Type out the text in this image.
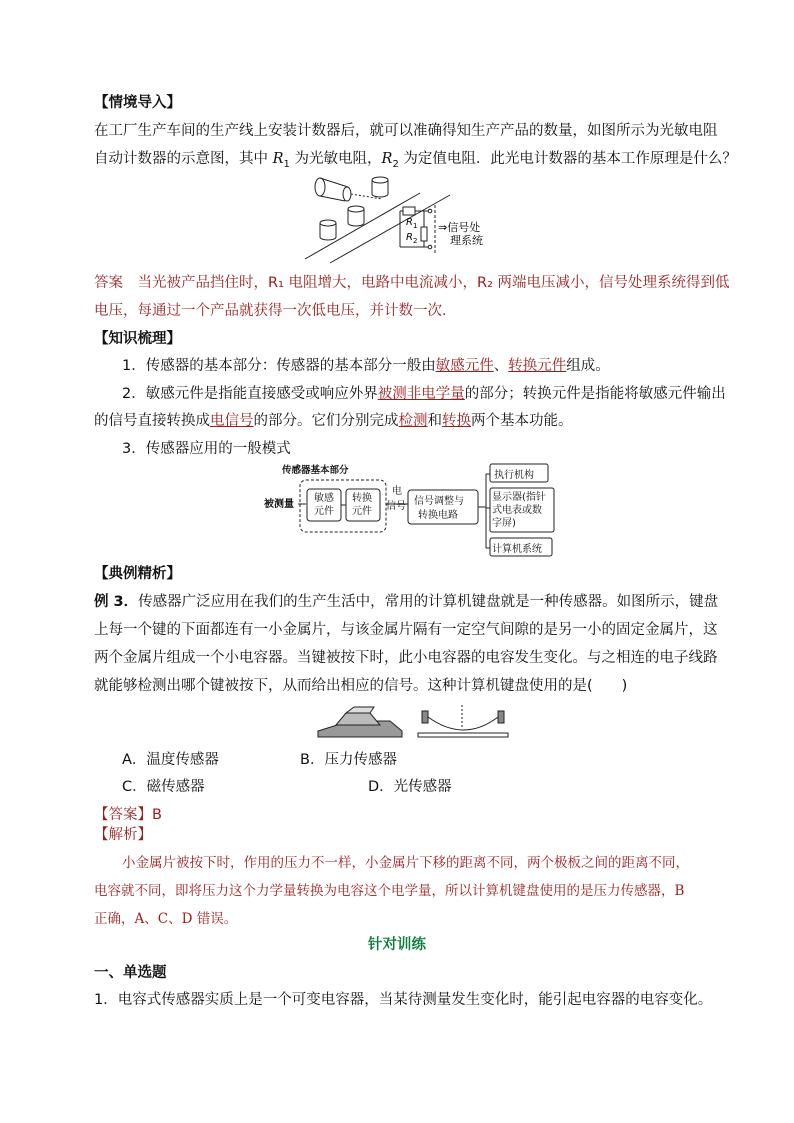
【情境导入】
在工厂生产车间的生产线上安装计数器后，就可以准确得知生产产品的数量，如图所示为光敏电阻
自动计数器的示意图，其中 $R_1$ 为光敏电阻，$R_2$ 为定值电阻．此光电计数器的基本工作原理是什么？
R 1
R 2
⇒信号处
理系统
答案　当光被产品挡住时，R₁ 电阻增大，电路中电流减小，R₂ 两端电压减小，信号处理系统得到低
电压，每通过一个产品就获得一次低电压，并计数一次．
【知识梳理】
1．传感器的基本部分：传感器的基本部分一般由敏感元件、转换元件组成。
2．敏感元件是指能直接感受或响应外界被测非电学量的部分；转换元件是指能将敏感元件输出
的信号直接转换成电信号的部分。它们分别完成检测和转换两个基本功能。
3．传感器应用的一般模式
传感器基本部分
被测量
敏感
元件
转换
元件
电
信号 信号调整与
转换电路
执行机构
显示器(指针
式电表或数
字屏)
计算机系统
【典例精析】
例 3．传感器广泛应用在我们的生产生活中，常用的计算机键盘就是一种传感器。如图所示，键盘
上每一个键的下面都连有一小金属片，与该金属片隔有一定空气间隙的是另一小的固定金属片，这
两个金属片组成一个小电容器。当键被按下时，此小电容器的电容发生变化。与之相连的电子线路
就能够检测出哪个键被按下，从而给出相应的信号。这种计算机键盘使用的是(　　)
A．温度传感器	B．压力传感器
C．磁传感器	D．光传感器
【答案】B
【解析】
小金属片被按下时，作用的压力不一样，小金属片下移的距离不同，两个极板之间的距离不同，
电容就不同，即将压力这个力学量转换为电容这个电学量，所以计算机键盘使用的是压力传感器，B
正确，A、C、D 错误。
针对训练
一、单选题
1．电容式传感器实质上是一个可变电容器，当某待测量发生变化时，能引起电容器的电容变化。
